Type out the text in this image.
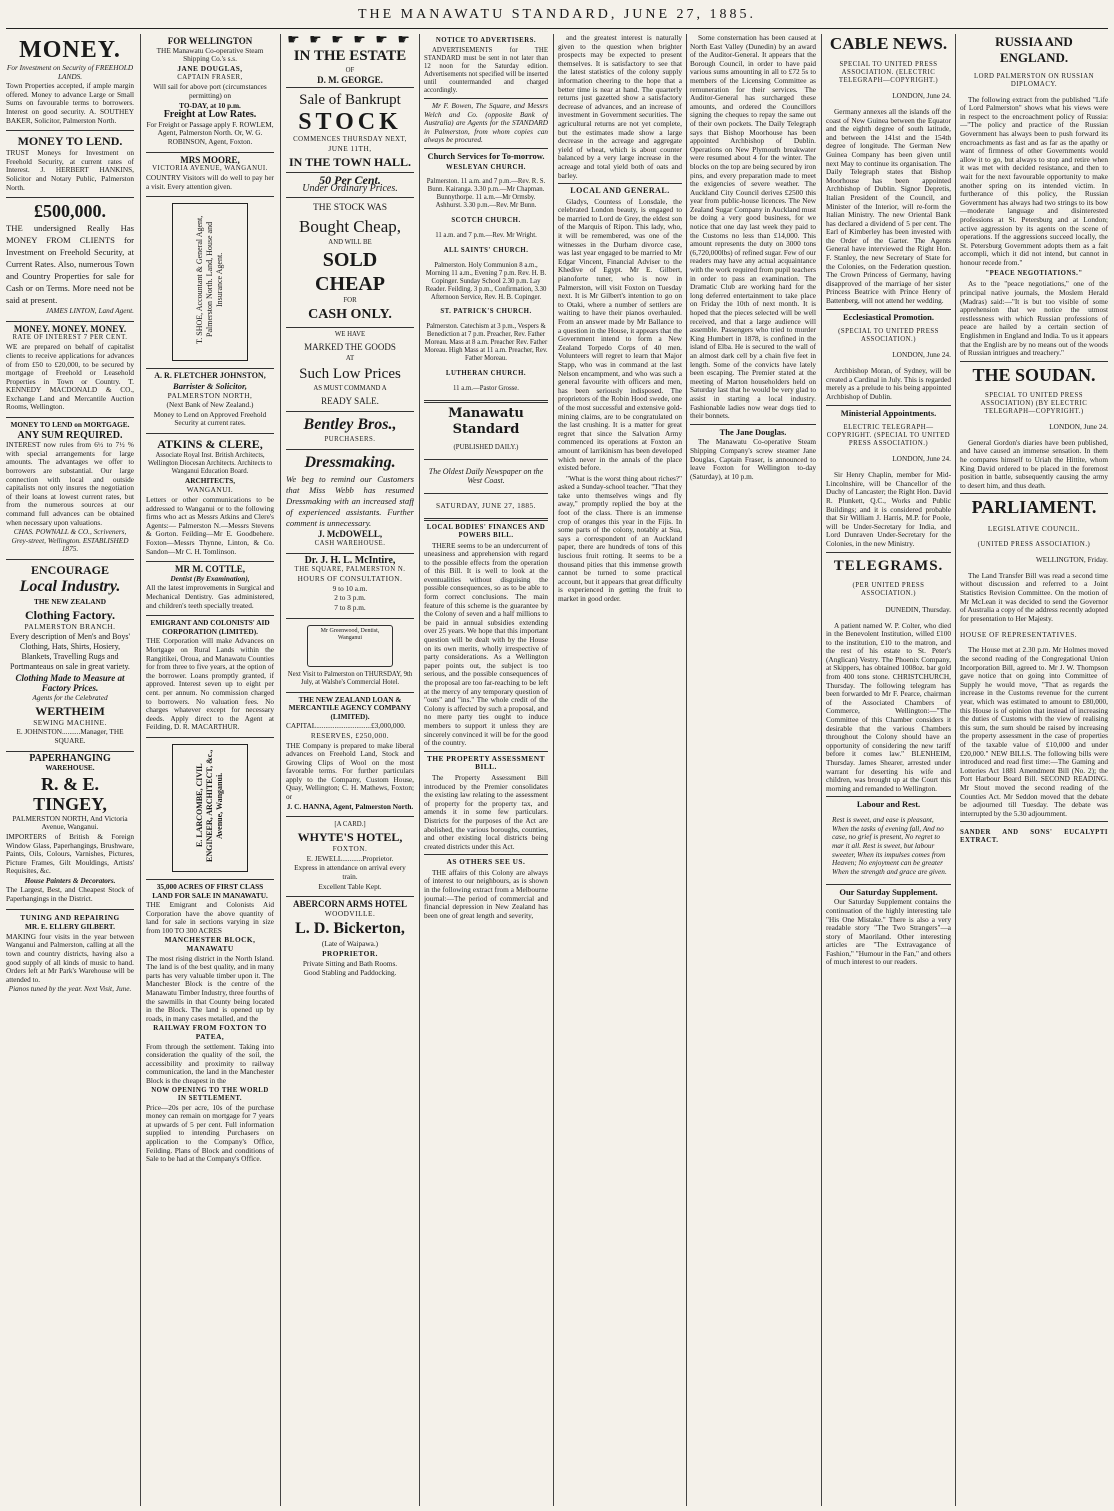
THE MANAWATU STANDARD, JUNE 27, 1885.
MONEY.

For Investment on Security of FREEHOLD LANDS.

Town Properties accepted, if ample margin offered. Money to advance Large or Small Sums on favourable terms to borrowers. Interest on good security. A. SOUTHEY BAKER, Solicitor, Palmerston North.

MONEY TO LEND.

TRUST Moneys for Investment on Freehold Security, at current rates of Interest. J. HERBERT HANKINS, Solicitor and Notary Public, Palmerston North.

£500,000.

THE undersigned Really Has MONEY FROM CLIENTS for Investment on Freehold Security, at Current Rates. Also, numerous Town and Country Properties for sale for Cash or on Terms. More need not be said at present.

JAMES LINTON, Land Agent.

MONEY. MONEY. MONEY.

RATE OF INTEREST 7 PER CENT.

WE are prepared on behalf of capitalist clients to receive applications for advances of from £50 to £20,000, to be secured by mortgage of Freehold or Leasehold Properties in Town or Country. T. KENNEDY MACDONALD & CO., Exchange Land and Mercantile Auction Rooms, Wellington.

MONEY TO LEND on MORTGAGE.
ANY SUM REQUIRED.

INTEREST now rules from 6½ to 7½ % with special arrangements for large amounts. The advantages we offer to borrowers are substantial. Our large connection with local and outside capitalists not only insures the negotiation of their loans at lowest current rates, but from the numerous sources at our command full advances can be obtained when necessary upon valuations.

CHAS. POWNALL & CO., Scriveners, Grey-street, Wellington. ESTABLISHED 1875.

ENCOURAGE
Local Industry.

THE NEW ZEALAND

Clothing Factory.

PALMERSTON BRANCH.

Every description of Men's and Boys' Clothing, Hats, Shirts, Hosiery, Blankets, Travelling Rugs and Portmanteaus on sale in great variety.

Clothing Made to Measure at Factory Prices.

Agents for the Celebrated

WERTHEIM

SEWING MACHINE.

E. JOHNSTON..........Manager, THE SQUARE.

PAPERHANGING

WAREHOUSE.

R. & E. TINGEY,

PALMERSTON NORTH, And Victoria Avenue, Wanganui.

IMPORTERS of British & Foreign Window Glass, Paperhangings, Brushware, Paints, Oils, Colours, Varnishes, Pictures, Picture Frames, Gilt Mouldings, Artists' Requisites, &c.

House Painters & Decorators.

The Largest, Best, and Cheapest Stock of Paperhangings in the District.

TUNING AND REPAIRING

MR. E. ELLERY GILBERT.

MAKING four visits in the year between Wanganui and Palmerston, calling at all the town and country districts, having also a good supply of all kinds of music to hand. Orders left at Mr Park's Warehouse will be attended to.

Pianos tuned by the year. Next Visit, June.

FOR WELLINGTON

THE Manawatu Co-operative Steam Shipping Co.'s s.s.

JANE DOUGLAS,

CAPTAIN FRASER,

Will sail for above port (circumstances permitting) on

TO-DAY, at 10 p.m.

Freight at Low Rates.

For Freight or Passage apply F. ROWLEM, Agent, Palmerston North. Or, W. G. ROBINSON, Agent, Foxton.

MRS MOORE,

VICTORIA AVENUE, WANGANUI.

COUNTRY Visitors will do well to pay her a visit. Every attention given.

T. SHOE, Accountant & General Agent, Palmerston North. Land, House and Insurance Agent.
A. R. FLETCHER JOHNSTON,

Barrister & Solicitor,

PALMERSTON NORTH,

(Next Bank of New Zealand.)

Money to Lend on Approved Freehold Security at current rates.

ATKINS & CLERE,

Associate Royal Inst. British Architects, Wellington Diocesan Architects. Architects to Wanganui Education Board.

ARCHITECTS,

WANGANUI.

Letters or other communications to be addressed to Wanganui or to the following firms who act as Messrs Atkins and Clere's Agents:— Palmerston N.—Messrs Stevens & Gorton. Feilding—Mr E. Goodbehere. Foxton—Messrs Thynne, Linton, & Co. Sandon—Mr C. H. Tomlinson.

MR M. COTTLE,

Dentist (By Examination),

All the latest improvements in Surgical and Mechanical Dentistry. Gas administered, and children's teeth specially treated.

EMIGRANT AND COLONISTS' AID CORPORATION (LIMITED).

THE Corporation will make Advances on Mortgage on Rural Lands within the Rangitikei, Oroua, and Manawatu Counties for from three to five years, at the option of the borrower. Loans promptly granted, if approved. Interest seven up to eight per cent. per annum. No commission charged to borrowers. No valuation fees. No charges whatever except for necessary deeds. Apply direct to the Agent at Feilding, D. R. MACARTHUR.

E. LARCOMBE, CIVIL ENGINEER, ARCHITECT, &c., Avenue, Wanganui.
35,000 ACRES OF FIRST CLASS LAND FOR SALE IN MANAWATU.

THE Emigrant and Colonists Aid Corporation have the above quantity of land for sale in sections varying in size from 100 TO 300 ACRES

MANCHESTER BLOCK, MANAWATU

The most rising district in the North Island. The land is of the best quality, and in many parts has very valuable timber upon it. The Manchester Block is the centre of the Manawatu Timber Industry, three fourths of the sawmills in that County being located in the Block. The land is opened up by roads, in many cases metalled, and the

RAILWAY FROM FOXTON TO PATEA,

From through the settlement. Taking into consideration the quality of the soil, the accessibility and proximity to railway communication, the land in the Manchester Block is the cheapest in the

NOW OPENING TO THE WORLD IN SETTLEMENT.

Price—20s per acre, 10s of the purchase money can remain on mortgage for 7 years at upwards of 5 per cent. Full information supplied to intending Purchasers on application to the Company's Office, Feilding. Plans of Block and conditions of Sale to be had at the Company's Office.

☛ ☛ ☛ ☛ ☛ ☛
IN THE ESTATE

OF

D. M. GEORGE.

Sale of Bankrupt
STOCK

COMMENCES THURSDAY NEXT,

JUNE 11TH,

IN THE TOWN HALL.
50 Per Cent.

Under Ordinary Prices.

THE STOCK WAS

Bought Cheap,

AND WILL BE

SOLD CHEAP

FOR

CASH ONLY.

WE HAVE

MARKED THE GOODS

AT

Such Low Prices

AS MUST COMMAND A

READY SALE.

Bentley Bros.,

PURCHASERS.

Dressmaking.

We beg to remind our Customers that Miss Webb has resumed Dressmaking with an increased staff of experienced assistants. Further comment is unnecessary.

J. McDOWELL,

CASH WAREHOUSE.

Dr. J. H. L. McIntire,

THE SQUARE, PALMERSTON N.

HOURS OF CONSULTATION.

9 to 10 a.m.

2 to 3 p.m.

7 to 8 p.m.

Mr Greenwood, Dentist, Wanganui

Next Visit to Palmerston on THURSDAY, 9th July, at Walshe's Commercial Hotel.

THE NEW ZEALAND LOAN & MERCANTILE AGENCY COMPANY (LIMITED).

CAPITAL..............................£3,000,000.

RESERVES, £250,000.

THE Company is prepared to make liberal advances on Freehold Land, Stock and Growing Clips of Wool on the most favorable terms. For further particulars apply to the Company, Custom House, Quay, Wellington; C. H. Mathews, Foxton; or

J. C. HANNA, Agent, Palmerston North.

[A CARD.]

WHYTE'S HOTEL,

FOXTON.

E. JEWELL...........Proprietor.

Express in attendance on arrival every train.

Excellent Table Kept.

ABERCORN ARMS HOTEL

WOODVILLE.

L. D. Bickerton,

(Late of Waipawa.)

PROPRIETOR.

Private Sitting and Bath Rooms.

Good Stabling and Paddocking.

NOTICE TO ADVERTISERS.

ADVERTISEMENTS for THE STANDARD must be sent in not later than 12 noon for the Saturday edition. Advertisements not specified will be inserted until countermanded and charged accordingly.

Mr F. Bowen, The Square, and Messrs Welch and Co. (opposite Bank of Australia) are Agents for the STANDARD in Palmerston, from whom copies can always be procured.

Church Services for To-morrow.

WESLEYAN CHURCH.

Palmerston. 11 a.m. and 7 p.m.—Rev. R. S. Bunn. Kairanga. 3.30 p.m.—Mr Chapman. Bunnythorpe. 11 a.m.—Mr Ormsby. Ashhurst. 3.30 p.m.—Rev. Mr Bunn.

SCOTCH CHURCH.

11 a.m. and 7 p.m.—Rev. Mr Wright.

ALL SAINTS' CHURCH.

Palmerston. Holy Communion 8 a.m., Morning 11 a.m., Evening 7 p.m. Rev. H. B. Copinger. Sunday School 2.30 p.m. Lay Reader. Feilding. 3 p.m., Confirmation, 3.30 Afternoon Service, Rev. H. B. Copinger.

ST. PATRICK'S CHURCH.

Palmerston. Catechism at 3 p.m., Vespers & Benediction at 7 p.m. Preacher, Rev. Father Moreau. Mass at 8 a.m. Preacher Rev. Father Moreau. High Mass at 11 a.m. Preacher, Rev. Father Moreau.

LUTHERAN CHURCH.

11 a.m.—Pastor Grosse.

Manawatu Standard

(PUBLISHED DAILY.)

The Oldest Daily Newspaper on the West Coast.

SATURDAY, JUNE 27, 1885.

LOCAL BODIES' FINANCES AND POWERS BILL.

THERE seems to be an undercurrent of uneasiness and apprehension with regard to the possible effects from the operation of this Bill. It is well to look at the eventualities without disguising the possible consequences, so as to be able to form correct conclusions. The main feature of this scheme is the guarantee by the Colony of seven and a half millions to be paid in annual subsidies extending over 25 years. We hope that this important question will be dealt with by the House on its own merits, wholly irrespective of party considerations. As a Wellington paper points out, the subject is too serious, and the possible consequences of the proposal are too far-reaching to be left at the mercy of any temporary question of "outs" and "ins." The whole credit of the Colony is affected by such a proposal, and no mere party ties ought to induce members to support it unless they are sincerely convinced it will be for the good of the country.

THE PROPERTY ASSESSMENT BILL.

The Property Assessment Bill introduced by the Premier consolidates the existing law relating to the assessment of property for the property tax, and amends it in some few particulars. Districts for the purposes of the Act are abolished, the various boroughs, counties, and other existing local districts being created districts under this Act.

AS OTHERS SEE US.

THE affairs of this Colony are always of interest to our neighbours, as is shown in the following extract from a Melbourne journal:—The period of commercial and financial depression in New Zealand has been one of great length and severity,

and the greatest interest is naturally given to the question when brighter prospects may be expected to present themselves. It is satisfactory to see that the latest statistics of the colony supply information cheering to the hope that a better time is near at hand. The quarterly returns just gazetted show a satisfactory decrease of advances, and an increase of investment in Government securities. The agricultural returns are not yet complete, but the estimates made show a large decrease in the acreage and aggregate yield of wheat, which is about counter balanced by a very large increase in the acreage and total yield both of oats and barley.

LOCAL AND GENERAL.

Gladys, Countess of Lonsdale, the celebrated London beauty, is engaged to be married to Lord de Grey, the eldest son of the Marquis of Ripon. This lady, who, it will be remembered, was one of the witnesses in the Durham divorce case, was last year engaged to be married to Mr Edgar Vincent, Financial Adviser to the Khedive of Egypt. Mr E. Gilbert, pianoforte tuner, who is now in Palmerston, will visit Foxton on Tuesday next. It is Mr Gilbert's intention to go on to Otaki, where a number of settlers are waiting to have their pianos overhauled. From an answer made by Mr Ballance to a question in the House, it appears that the Government intend to form a New Zealand Torpedo Corps of 40 men. Volunteers will regret to learn that Major Stapp, who was in command at the last Nelson encampment, and who was such a general favourite with officers and men, has been seriously indisposed. The proprietors of the Robin Hood swede, one of the most successful and extensive gold-mining claims, are to be congratulated on the last crushing. It is a matter for great regret that since the Salvation Army commenced its operations at Foxton an amount of larrikinism has been developed which never in the annals of the place existed before.

"What is the worst thing about riches?" asked a Sunday-school teacher. "That they take unto themselves wings and fly away," promptly replied the boy at the foot of the class. There is an immense crop of oranges this year in the Fijis. In some parts of the colony, notably at Sua, says a correspondent of an Auckland paper, there are hundreds of tons of this luscious fruit rotting. It seems to be a thousand pities that this immense growth cannot be turned to some practical account, but it appears that great difficulty is experienced in getting the fruit to market in good order.

Some consternation has been caused at North East Valley (Dunedin) by an award of the Auditor-General. It appears that the Borough Council, in order to have paid various sums amounting in all to £72 5s to members of the Licensing Committee as remuneration for their services. The Auditor-General has surcharged these amounts, and ordered the Councillors signing the cheques to repay the same out of their own pockets. The Daily Telegraph says that Bishop Moorhouse has been appointed Archbishop of Dublin. Operations on New Plymouth breakwater were resumed about 4 for the winter. The blocks on the top are being secured by iron pins, and every preparation made to meet the exigencies of severe weather. The Auckland City Council derives £2500 this year from public-house licences. The New Zealand Sugar Company in Auckland must be doing a very good business, for we notice that one day last week they paid to the Customs no less than £14,000. This amount represents the duty on 3000 tons (6,720,000lbs) of refined sugar. Few of our readers may have any actual acquaintance with the work required from pupil teachers in order to pass an examination. The Dramatic Club are working hard for the long deferred entertainment to take place on Friday the 10th of next month. It is hoped that the pieces selected will be well received, and that a large audience will assemble. Passengers who tried to murder King Humbert in 1878, is confined in the island of Elba. He is secured to the wall of an almost dark cell by a chain five feet in length. Some of the convicts have lately been escaping. The Premier stated at the meeting of Marton householders held on Saturday last that he would be very glad to assist in starting a local industry. Fashionable ladies now wear dogs tied to their bonnets.

The Jane Douglas.

The Manawatu Co-operative Steam Shipping Company's screw steamer Jane Douglas, Captain Fraser, is announced to leave Foxton for Wellington to-day (Saturday), at 10 p.m.

CABLE NEWS.

SPECIAL TO UNITED PRESS ASSOCIATION. (ELECTRIC TELEGRAPH—COPYRIGHT.)

LONDON, June 24.

Germany annexes all the islands off the coast of New Guinea between the Equator and the eighth degree of south latitude, and between the 141st and the 154th degree of longitude. The German New Guinea Company has been given until next May to continue its organisation. The Daily Telegraph states that Bishop Moorhouse has been appointed Archbishop of Dublin. Signor Depretis, Italian President of the Council, and Minister of the Interior, will re-form the Italian Ministry. The new Oriental Bank has declared a dividend of 5 per cent. The Earl of Kimberley has been invested with the Order of the Garter. The Agents General have interviewed the Right Hon. F. Stanley, the new Secretary of State for the Colonies, on the Federation question. The Crown Princess of Germany, having disapproved of the marriage of her sister Princess Beatrice with Prince Henry of Battenberg, will not attend her wedding.

Ecclesiastical Promotion.

(SPECIAL TO UNITED PRESS ASSOCIATION.)

LONDON, June 24.

Archbishop Moran, of Sydney, will be created a Cardinal in July. This is regarded merely as a prelude to his being appointed Archbishop of Dublin.

Ministerial Appointments.

ELECTRIC TELEGRAPH—COPYRIGHT. (SPECIAL TO UNITED PRESS ASSOCIATION.)

LONDON, June 24.

Sir Henry Chaplin, member for Mid-Lincolnshire, will be Chancellor of the Duchy of Lancaster; the Right Hon. David R. Plunkett, Q.C., Works and Public Buildings; and it is considered probable that Sir William J. Harris, M.P. for Poole, will be Under-Secretary for India, and Lord Dunraven Under-Secretary for the Colonies, in the new Ministry.

TELEGRAMS.

(PER UNITED PRESS ASSOCIATION.)

DUNEDIN, Thursday.

A patient named W. P. Colter, who died in the Benevolent Institution, willed £100 to the institution, £10 to the matron, and the rest of his estate to St. Peter's (Anglican) Vestry. The Phoenix Company, at Skippers, has obtained 1008oz. bar gold from 400 tons stone. CHRISTCHURCH, Thursday. The following telegram has been forwarded to Mr F. Pearce, chairman of the Associated Chambers of Commerce, Wellington:—"The Committee of this Chamber considers it desirable that the various Chambers throughout the Colony should have an opportunity of considering the new tariff before it comes law." BLENHEIM, Thursday. James Shearer, arrested under warrant for deserting his wife and children, was brought up at the Court this morning and remanded to Wellington.

Labour and Rest.

Rest is sweet, and ease is pleasant, When the tasks of evening fall, And no case, no grief is present, No regret to mar it all. Rest is sweet, but labour sweeter, When its impulses comes from Heaven; No enjoyment can be greater When the strength and grace are given.

Our Saturday Supplement.

Our Saturday Supplement contains the continuation of the highly interesting tale "His One Mistake." There is also a very readable story "The Two Strangers"—a story of Maoriland. Other interesting articles are "The Extravagance of Fashion," "Humour in the Fan," and others of much interest to our readers.

RUSSIA AND ENGLAND.

LORD PALMERSTON ON RUSSIAN DIPLOMACY.

The following extract from the published "Life of Lord Palmerston" shows what his views were in respect to the encroachment policy of Russia:—"The policy and practice of the Russian Government has always been to push forward its encroachments as fast and as far as the apathy or want of firmness of other Governments would allow it to go, but always to stop and retire when it was met with decided resistance, and then to wait for the next favourable opportunity to make another spring on its intended victim. In furtherance of this policy, the Russian Government has always had two strings to its bow—moderate language and disinterested professions at St. Petersburg and at London; active aggression by its agents on the scene of operations. If the aggressions succeed locally, the St. Petersburg Government adopts them as a fait accompli, which it did not intend, but cannot in honour recede from."

"PEACE NEGOTIATIONS."

As to the "peace negotiations," one of the principal native journals, the Moslem Herald (Madras) said:—"It is but too visible of some apprehension that we notice the utmost restlessness with which Russian professions of peace are hailed by a certain section of Englishmen in England and India. To us it appears that the English are by no means out of the woods of Russian intrigues and treachery."

THE SOUDAN.

SPECIAL TO UNITED PRESS ASSOCIATION) (BY ELECTRIC TELEGRAPH—COPYRIGHT.)

LONDON, June 24.

General Gordon's diaries have been published, and have caused an immense sensation. In them he compares himself to Uriah the Hittite, whom King David ordered to be placed in the foremost position in battle, subsequently causing the army to desert him, and thus death.

PARLIAMENT.

LEGISLATIVE COUNCIL.

(UNITED PRESS ASSOCIATION.)

WELLINGTON, Friday.

The Land Transfer Bill was read a second time without discussion and referred to a Joint Statistics Revision Committee. On the motion of Mr McLean it was decided to send the Governor of Australia a copy of the address recently adopted for presentation to Her Majesty.

HOUSE OF REPRESENTATIVES.

The House met at 2.30 p.m. Mr Holmes moved the second reading of the Congregational Union Incorporation Bill, agreed to. Mr J. W. Thompson gave notice that on going into Committee of Supply he would move, "That as regards the increase in the Customs revenue for the current year, which was estimated to amount to £80,000, this House is of opinion that instead of increasing the duties of Customs with the view of realising this sum, the sum should be raised by increasing the property assessment in the case of properties of the taxable value of £10,000 and under £20,000." NEW BILLS. The following bills were introduced and read first time:—The Gaming and Lotteries Act 1881 Amendment Bill (No. 2); the Port Harbour Board Bill. SECOND READING. Mr Stout moved the second reading of the Counties Act. Mr Seddon moved that the debate be adjourned till Tuesday. The debate was interrupted by the 5.30 adjournment.

SANDER AND SONS' EUCALYPTI EXTRACT.
